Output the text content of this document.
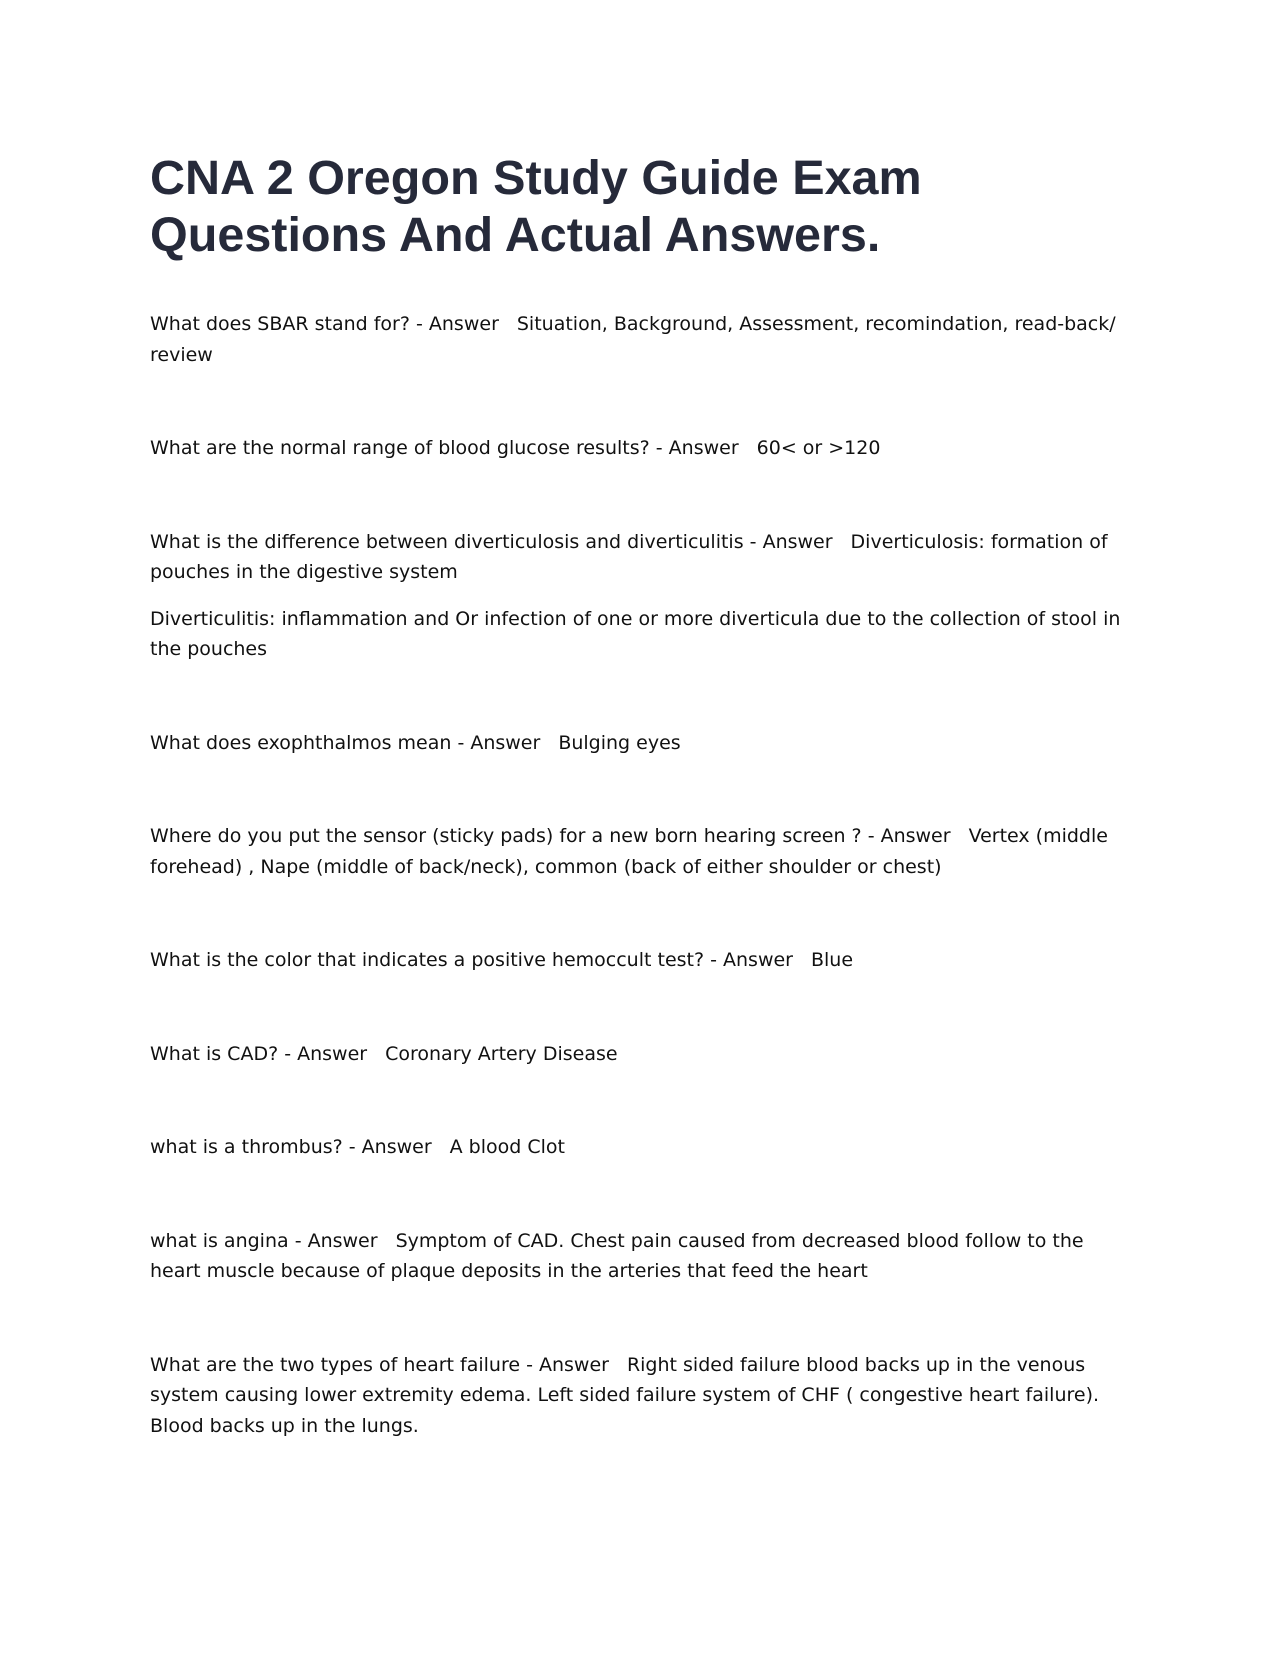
CNA 2 Oregon Study Guide Exam Questions And Actual Answers.

What does SBAR stand for? - Answer Situation, Background, Assessment, recomindation, read-back/ review

What are the normal range of blood glucose results? - Answer 60< or >120

What is the difference between diverticulosis and diverticulitis - Answer Diverticulosis: formation of pouches in the digestive system

Diverticulitis: inflammation and Or infection of one or more diverticula due to the collection of stool in the pouches

What does exophthalmos mean - Answer Bulging eyes

Where do you put the sensor (sticky pads) for a new born hearing screen ? - Answer Vertex (middle forehead) , Nape (middle of back/neck), common (back of either shoulder or chest)

What is the color that indicates a positive hemoccult test? - Answer Blue

What is CAD? - Answer Coronary Artery Disease

what is a thrombus? - Answer A blood Clot

what is angina - Answer Symptom of CAD. Chest pain caused from decreased blood follow to the heart muscle because of plaque deposits in the arteries that feed the heart

What are the two types of heart failure - Answer Right sided failure blood backs up in the venous system causing lower extremity edema. Left sided failure system of CHF ( congestive heart failure). Blood backs up in the lungs.
